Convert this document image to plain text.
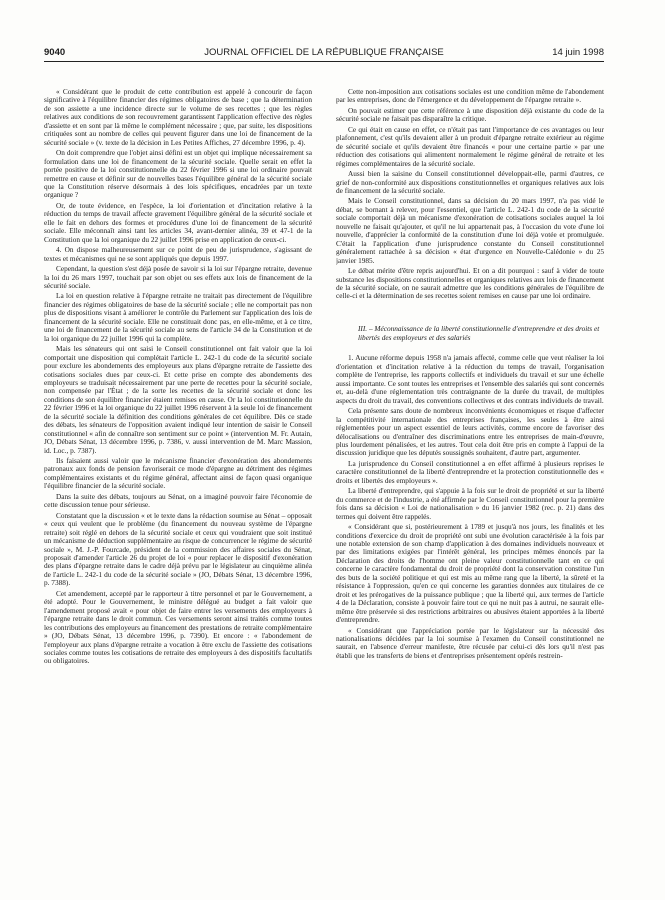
9040	JOURNAL OFFICIEL DE LA RÉPUBLIQUE FRANÇAISE	14 juin 1998

« Considérant que le produit de cette contribution est appelé à concourir de façon significative à l'équilibre financier des régimes obligatoires de base ; que la détermination de son assiette a une incidence directe sur le volume de ses recettes ; que les règles relatives aux conditions de son recouvrement garantissent l'application effective des règles d'assiette et en sont par là même le complément nécessaire ; que, par suite, les dispositions critiquées sont au nombre de celles qui peuvent figurer dans une loi de financement de la sécurité sociale » (v. texte de la décision in Les Petites Affiches, 27 décembre 1996, p. 4).

On doit comprendre que l'objet ainsi défini est un objet qui implique nécessairement sa formulation dans une loi de financement de la sécurité sociale. Quelle serait en effet la portée positive de la loi constitutionnelle du 22 février 1996 si une loi ordinaire pouvait remettre en cause et définir sur de nouvelles bases l'équilibre général de la sécurité sociale que la Constitution réserve désormais à des lois spécifiques, encadrées par un texte organique ?

Or, de toute évidence, en l'espèce, la loi d'orientation et d'incitation relative à la réduction du temps de travail affecte gravement l'équilibre général de la sécurité sociale et elle le fait en dehors des formes et procédures d'une loi de financement de la sécurité sociale. Elle méconnaît ainsi tant les articles 34, avant-dernier alinéa, 39 et 47-1 de la Constitution que la loi organique du 22 juillet 1996 prise en application de ceux-ci.

4. On dispose malheureusement sur ce point de peu de jurisprudence, s'agissant de textes et mécanismes qui ne se sont appliqués que depuis 1997.

Cependant, la question s'est déjà posée de savoir si la loi sur l'épargne retraite, devenue la loi du 26 mars 1997, touchait par son objet ou ses effets aux lois de financement de la sécurité sociale.

La loi en question relative à l'épargne retraite ne traitait pas directement de l'équilibre financier des régimes obligatoires de base de la sécurité sociale ; elle ne comportait pas non plus de dispositions visant à améliorer le contrôle du Parlement sur l'application des lois de financement de la sécurité sociale. Elle ne constituait donc pas, en elle-même, et à ce titre, une loi de financement de la sécurité sociale au sens de l'article 34 de la Constitution et de la loi organique du 22 juillet 1996 qui la complète.

Mais les sénateurs qui ont saisi le Conseil constitutionnel ont fait valoir que la loi comportait une disposition qui complétait l'article L. 242-1 du code de la sécurité sociale pour exclure les abondements des employeurs aux plans d'épargne retraite de l'assiette des cotisations sociales dues par ceux-ci. Et cette prise en compte des abondements des employeurs se traduisait nécessairement par une perte de recettes pour la sécurité sociale, non compensée par l'État ; de la sorte les recettes de la sécurité sociale et donc les conditions de son équilibre financier étaient remises en cause. Or la loi constitutionnelle du 22 février 1996 et la loi organique du 22 juillet 1996 réservent à la seule loi de financement de la sécurité sociale la définition des conditions générales de cet équilibre. Dès ce stade des débats, les sénateurs de l'opposition avaient indiqué leur intention de saisir le Conseil constitutionnel « afin de connaître son sentiment sur ce point » (intervention M. Fr. Autain, JO, Débats Sénat, 13 décembre 1996, p. 7386, v. aussi intervention de M. Marc Massion, id. Loc., p. 7387).

Ils faisaient aussi valoir que le mécanisme financier d'exonération des abondements patronaux aux fonds de pension favoriserait ce mode d'épargne au détriment des régimes complémentaires existants et du régime général, affectant ainsi de façon quasi organique l'équilibre financier de la sécurité sociale.

Dans la suite des débats, toujours au Sénat, on a imaginé pouvoir faire l'économie de cette discussion tenue pour sérieuse.

Constatant que la discussion « et le texte dans la rédaction soumise au Sénat – opposait « ceux qui veulent que le problème (du financement du nouveau système de l'épargne retraite) soit réglé en dehors de la sécurité sociale et ceux qui voudraient que soit institué un mécanisme de déduction supplémentaire au risque de concurrencer le régime de sécurité sociale », M. J.-P. Fourcade, président de la commission des affaires sociales du Sénat, proposait d'amender l'article 26 du projet de loi « pour replacer le dispositif d'exonération des plans d'épargne retraite dans le cadre déjà prévu par le législateur au cinquième alinéa de l'article L. 242-1 du code de la sécurité sociale » (JO, Débats Sénat, 13 décembre 1996, p. 7388).

Cet amendement, accepté par le rapporteur à titre personnel et par le Gouvernement, a été adopté. Pour le Gouvernement, le ministre délégué au budget a fait valoir que l'amendement proposé avait « pour objet de faire entrer les versements des employeurs à l'épargne retraite dans le droit commun. Ces versements seront ainsi traités comme toutes les contributions des employeurs au financement des prestations de retraite complémentaire » (JO, Débats Sénat, 13 décembre 1996, p. 7390). Et encore : « l'abondement de l'employeur aux plans d'épargne retraite a vocation à être exclu de l'assiette des cotisations sociales comme toutes les cotisations de retraite des employeurs à des dispositifs facultatifs ou obligatoires.

Cette non-imposition aux cotisations sociales est une condition même de l'abondement par les entreprises, donc de l'émergence et du développement de l'épargne retraite ».

On pouvait estimer que cette référence à une disposition déjà existante du code de la sécurité sociale ne faisait pas disparaître la critique.

Ce qui était en cause en effet, ce n'était pas tant l'importance de ces avantages ou leur plafonnement, c'est qu'ils devaient aller à un produit d'épargne retraite extérieur au régime de sécurité sociale et qu'ils devaient être financés « pour une certaine partie » par une réduction des cotisations qui alimentent normalement le régime général de retraite et les régimes complémentaires de la sécurité sociale.

Aussi bien la saisine du Conseil constitutionnel développait-elle, parmi d'autres, ce grief de non-conformité aux dispositions constitutionnelles et organiques relatives aux lois de financement de la sécurité sociale.

Mais le Conseil constitutionnel, dans sa décision du 20 mars 1997, n'a pas vidé le débat, se bornant à relever, pour l'essentiel, que l'article L. 242-1 du code de la sécurité sociale comportait déjà un mécanisme d'exonération de cotisations sociales auquel la loi nouvelle ne faisait qu'ajouter, et qu'il ne lui appartenait pas, à l'occasion du vote d'une loi nouvelle, d'apprécier la conformité de la constitution d'une loi déjà votée et promulguée. C'était la l'application d'une jurisprudence constante du Conseil constitutionnel généralement rattachée à sa décision « état d'urgence en Nouvelle-Calédonie » du 25 janvier 1985.

Le débat mérite d'être repris aujourd'hui. Et on a dit pourquoi : sauf à vider de toute substance les dispositions constitutionnelles et organiques relatives aux lois de financement de la sécurité sociale, on ne saurait admettre que les conditions générales de l'équilibre de celle-ci et la détermination de ses recettes soient remises en cause par une loi ordinaire.

III. – Méconnaissance de la liberté constitutionnelle d'entreprendre et des droits et libertés des employeurs et des salariés

1. Aucune réforme depuis 1958 n'a jamais affecté, comme celle que veut réaliser la loi d'orientation et d'incitation relative à la réduction du temps de travail, l'organisation complète de l'entreprise, les rapports collectifs et individuels du travail et sur une échelle aussi importante. Ce sont toutes les entreprises et l'ensemble des salariés qui sont concernés et, au-delà d'une réglementation très contraignante de la durée du travail, de multiples aspects du droit du travail, des conventions collectives et des contrats individuels de travail.

Cela présente sans doute de nombreux inconvénients économiques et risque d'affecter la compétitivité internationale des entreprises françaises, les seules à être ainsi réglementées pour un aspect essentiel de leurs activités, comme encore de favoriser des délocalisations ou d'entraîner des discriminations entre les entreprises de main-d'œuvre, plus lourdement pénalisées, et les autres. Tout cela doit être pris en compte à l'appui de la discussion juridique que les députés soussignés souhaitent, d'autre part, argumenter.

La jurisprudence du Conseil constitutionnel a en effet affirmé à plusieurs reprises le caractère constitutionnel de la liberté d'entreprendre et la protection constitutionnelle des « droits et libertés des employeurs ».

La liberté d'entreprendre, qui s'appuie à la fois sur le droit de propriété et sur la liberté du commerce et de l'industrie, a été affirmée par le Conseil constitutionnel pour la première fois dans sa décision « Loi de nationalisation » du 16 janvier 1982 (rec. p. 21) dans des termes qui doivent être rappelés.

« Considérant que si, postérieurement à 1789 et jusqu'à nos jours, les finalités et les conditions d'exercice du droit de propriété ont subi une évolution caractérisée à la fois par une notable extension de son champ d'application à des domaines individuels nouveaux et par des limitations exigées par l'intérêt général, les principes mêmes énoncés par la Déclaration des droits de l'homme ont pleine valeur constitutionnelle tant en ce qui concerne le caractère fondamental du droit de propriété dont la conservation constitue l'un des buts de la société politique et qui est mis au même rang que la liberté, la sûreté et la résistance à l'oppression, qu'en ce qui concerne les garanties données aux titulaires de ce droit et les prérogatives de la puissance publique ; que la liberté qui, aux termes de l'article 4 de la Déclaration, consiste à pouvoir faire tout ce qui ne nuit pas à autrui, ne saurait elle-même être préservée si des restrictions arbitraires ou abusives étaient apportées à la liberté d'entreprendre.

« Considérant que l'appréciation portée par le législateur sur la nécessité des nationalisations décidées par la loi soumise à l'examen du Conseil constitutionnel ne saurait, en l'absence d'erreur manifeste, être récusée par celui-ci dès lors qu'il n'est pas établi que les transferts de biens et d'entreprises présentement opérés restrein-
